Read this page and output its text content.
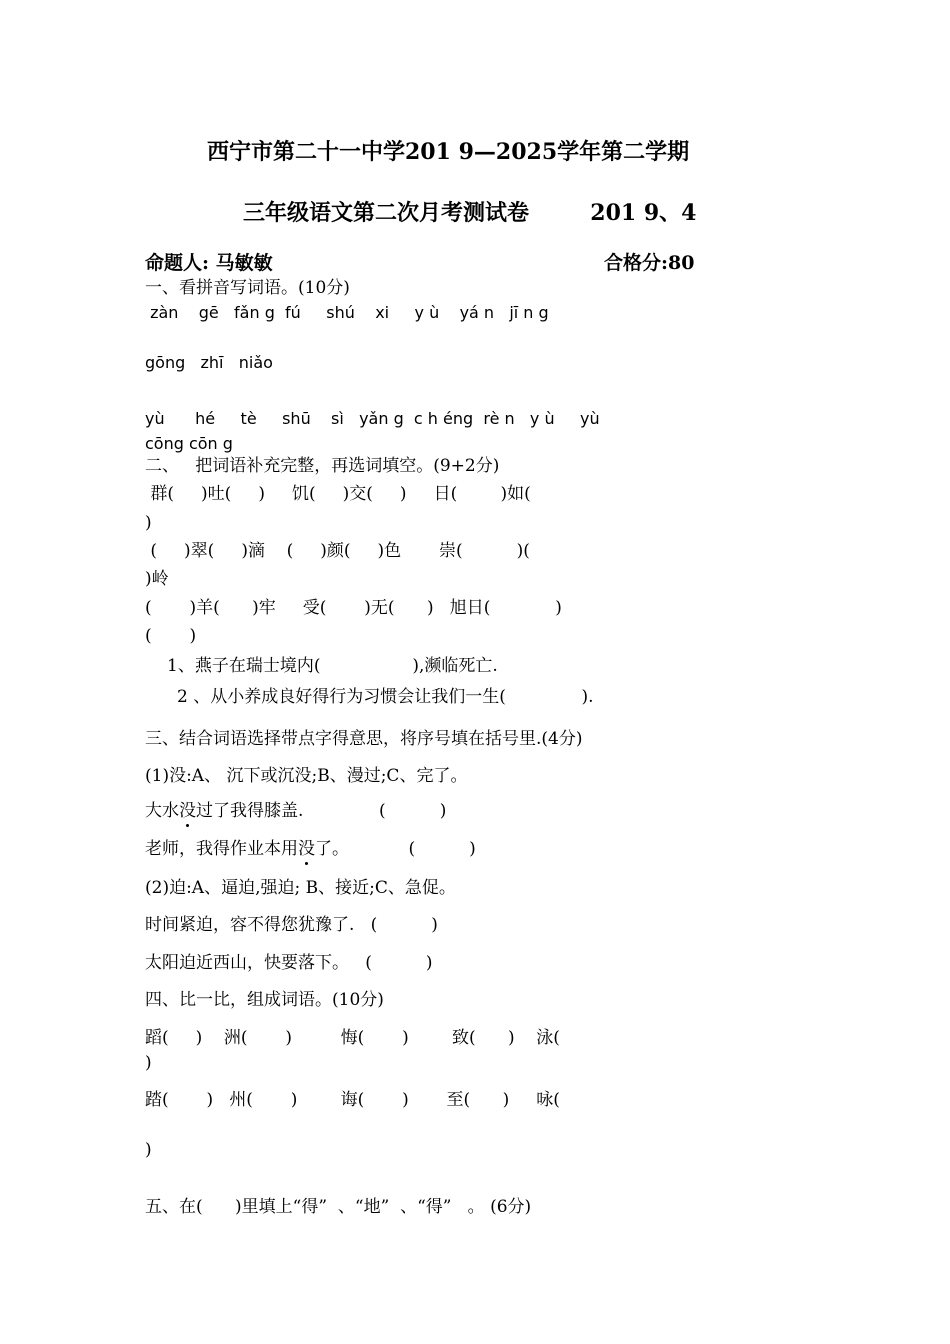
西宁市第二十一中学201 9—2025学年第二学期
三年级语文第二次月考测试卷        201 9、4
命题人: 马敏敏	合格分:80
一、看拼音写词语。(10分)
zàn    gē   fǎn g  fú     shú    xi     y ù    yá n   jī n g
gōng   zhī   niǎo
yù      hé     tè     shū    sì   yǎn g  c h éng  rè n   y ù     yù
cōng cōn g
二、   把词语补充完整，再选词填空。(9+2分)
群(     )吐(     )     饥(     )交(     )     日(        )如(
)
(     )翠(     )滴    (     )颜(     )色       崇(          )(
)岭
(       )羊(      )牢     受(       )无(      )   旭日(            )
(       )
1、燕子在瑞士境内(                 ),濒临死亡.
2 、从小养成良好得行为习惯会让我们一生(              ).
三、结合词语选择带点字得意思，将序号填在括号里.(4分)
(1)没:A、 沉下或沉没;B、漫过;C、完了。
大水没过了我得膝盖.              (          )
老师，我得作业本用没了。           (          )
(2)迫:A、逼迫,强迫; B、接近;C、急促。
时间紧迫，容不得您犹豫了.   (          )
太阳迫近西山，快要落下。   (          )
四、比一比，组成词语。(10分)
蹈(     )    洲(       )         悔(       )        致(      )    泳(
)
踏(       )   州(       )        诲(       )       至(      )     咏(
)
五、在(      )里填上“得”  、“地”  、“得”   。 (6分)
